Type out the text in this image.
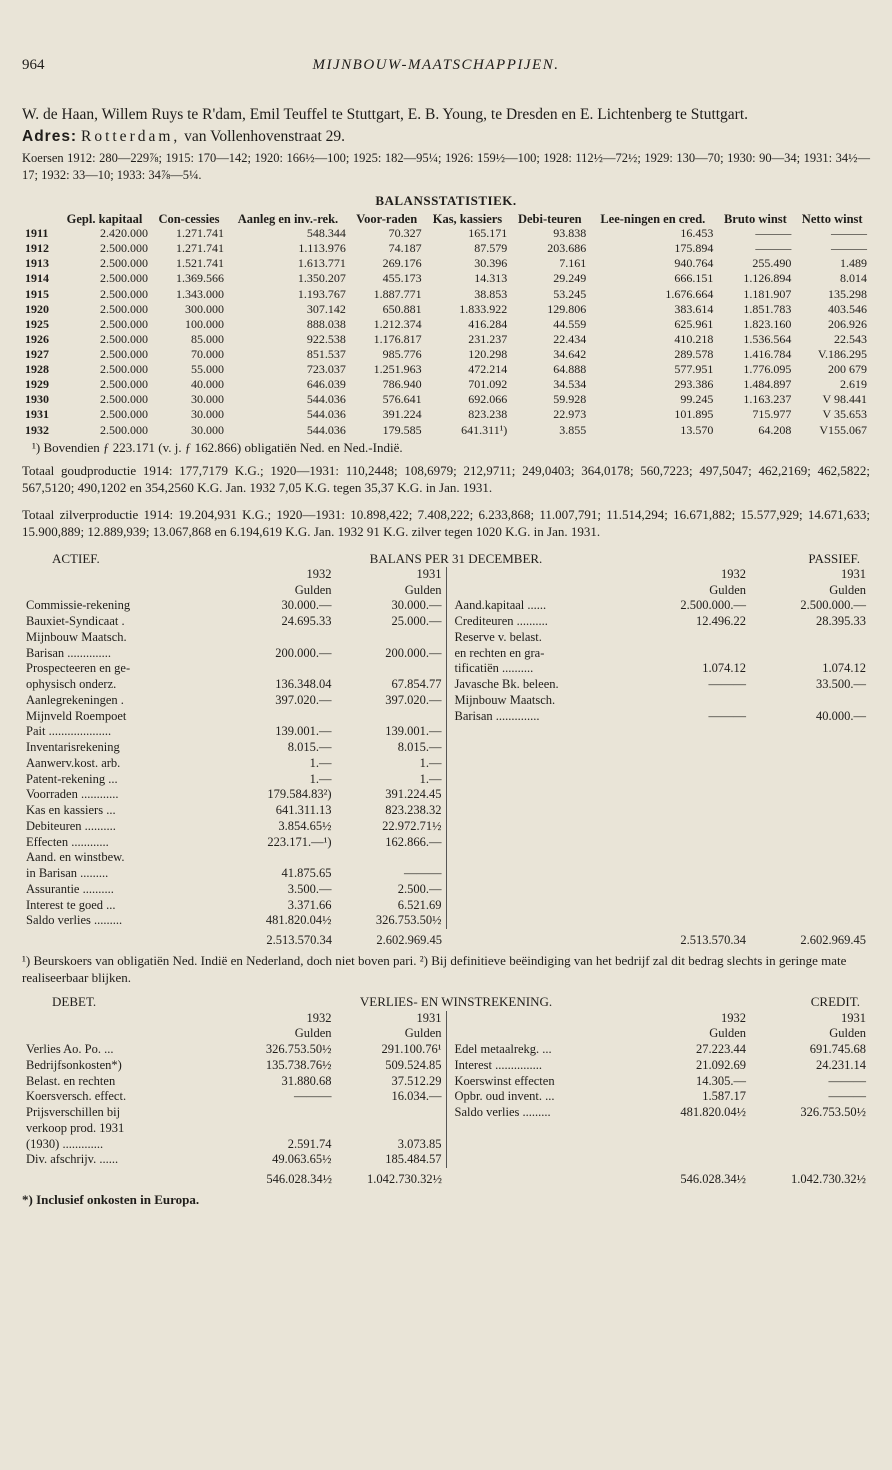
964	MIJNBOUW-MAATSCHAPPIJEN.

W. de Haan, Willem Ruys te R'dam, Emil Teuffel te Stuttgart, E. B. Young, te Dresden en E. Lichtenberg te Stuttgart.

Adres: Rotterdam, van Vollenhovenstraat 29.

Koersen 1912: 280—229⅞; 1915: 170—142; 1920: 166½—100; 1925: 182—95¼; 1926: 159½—100; 1928: 112½—72½; 1929: 130—70; 1930: 90—34; 1931: 34½—17; 1932: 33—10; 1933: 34⅞—5¼.

BALANSSTATISTIEK.
	Gepl. kapitaal	Con-cessies	Aanleg en inv.-rek.	Voor-raden	Kas, kassiers	Debi-teuren	Lee-ningen en cred.	Bruto winst	Netto winst
1911	2.420.000	1.271.741	548.344	70.327	165.171	93.838	16.453	———	———
1912	2.500.000	1.271.741	1.113.976	74.187	87.579	203.686	175.894	———	———
1913	2.500.000	1.521.741	1.613.771	269.176	30.396	7.161	940.764	255.490	1.489
1914	2.500.000	1.369.566	1.350.207	455.173	14.313	29.249	666.151	1.126.894	8.014
1915	2.500.000	1.343.000	1.193.767	1.887.771	38.853	53.245	1.676.664	1.181.907	135.298
1920	2.500.000	300.000	307.142	650.881	1.833.922	129.806	383.614	1.851.783	403.546
1925	2.500.000	100.000	888.038	1.212.374	416.284	44.559	625.961	1.823.160	206.926
1926	2.500.000	85.000	922.538	1.176.817	231.237	22.434	410.218	1.536.564	22.543
1927	2.500.000	70.000	851.537	985.776	120.298	34.642	289.578	1.416.784	V.186.295
1928	2.500.000	55.000	723.037	1.251.963	472.214	64.888	577.951	1.776.095	200 679
1929	2.500.000	40.000	646.039	786.940	701.092	34.534	293.386	1.484.897	2.619
1930	2.500.000	30.000	544.036	576.641	692.066	59.928	99.245	1.163.237	V 98.441
1931	2.500.000	30.000	544.036	391.224	823.238	22.973	101.895	715.977	V 35.653
1932	2.500.000	30.000	544.036	179.585	641.311¹)	3.855	13.570	64.208	V155.067
¹) Bovendien ƒ 223.171 (v. j. ƒ 162.866) obligatiën Ned. en Ned.-Indië.

Totaal goudproductie 1914: 177,7179 K.G.; 1920—1931: 110,2448; 108,6979; 212,9711; 249,0403; 364,0178; 560,7223; 497,5047; 462,2169; 462,5822; 567,5120; 490,1202 en 354,2560 K.G. Jan. 1932 7,05 K.G. tegen 35,37 K.G. in Jan. 1931.

Totaal zilverproductie 1914: 19.204,931 K.G.; 1920—1931: 10.898,422; 7.408,222; 6.233,868; 11.007,791; 11.514,294; 16.671,882; 15.577,929; 14.671,633; 15.900,889; 12.889,939; 13.067,868 en 6.194,619 K.G. Jan. 1932 91 K.G. zilver tegen 1020 K.G. in Jan. 1931.

ACTIEF.	BALANS PER 31 DECEMBER.	PASSIEF.
1932	1931
Gulden	Gulden
Commissie-rekening	30.000.—	30.000.—
Bauxiet-Syndicaat .	24.695.33	25.000.—
Mijnbouw Maatsch.
Barisan ..............	200.000.—	200.000.—
Prospecteeren en ge-
ophysisch onderz.	136.348.04	67.854.77
Aanlegrekeningen .	397.020.—	397.020.—
Mijnveld Roempoet
Pait ....................	139.001.—	139.001.—
Inventarisrekening	8.015.—	8.015.—
Aanwerv.kost. arb.	1.—	1.—
Patent-rekening ...	1.—	1.—
Voorraden ............	179.584.83²)	391.224.45
Kas en kassiers ...	641.311.13	823.238.32
Debiteuren ..........	3.854.65½	22.972.71½
Effecten ............	223.171.—¹)	162.866.—
Aand. en winstbew.
in Barisan .........	41.875.65	———
Assurantie ..........	3.500.—	2.500.—
Interest te goed ...	3.371.66	6.521.69
Saldo verlies .........	481.820.04½	326.753.50½
1932	1931
Gulden	Gulden
Aand.kapitaal ......	2.500.000.—	2.500.000.—
Crediteuren ..........	12.496.22	28.395.33
Reserve v. belast.
en rechten en gra-
tificatiën ..........	1.074.12	1.074.12
Javasche Bk. beleen.	———	33.500.—
Mijnbouw Maatsch.
Barisan ..............	———	40.000.—
2.513.570.34	2.602.969.45	2.513.570.34	2.602.969.45

¹) Beurskoers van obligatiën Ned. Indië en Nederland, doch niet boven pari. ²) Bij definitieve beëindiging van het bedrijf zal dit bedrag slechts in geringe mate realiseerbaar blijken.

DEBET.	VERLIES- EN WINSTREKENING.	CREDIT.
1932	1931
Gulden	Gulden
Verlies Ao. Po. ...	326.753.50½	291.100.76¹
Bedrijfsonkosten*)	135.738.76½	509.524.85
Belast. en rechten	31.880.68	37.512.29
Koersversch. effect.	———	16.034.—
Prijsverschillen bij
verkoop prod. 1931
(1930) .............	2.591.74	3.073.85
Div. afschrijv. ......	49.063.65½	185.484.57
1932	1931
Gulden	Gulden
Edel metaalrekg. ...	27.223.44	691.745.68
Interest ...............	21.092.69	24.231.14
Koerswinst effecten	14.305.—	———
Opbr. oud invent. ...	1.587.17	———
Saldo verlies .........	481.820.04½	326.753.50½
546.028.34½	1.042.730.32½	546.028.34½	1.042.730.32½

*) Inclusief onkosten in Europa.
